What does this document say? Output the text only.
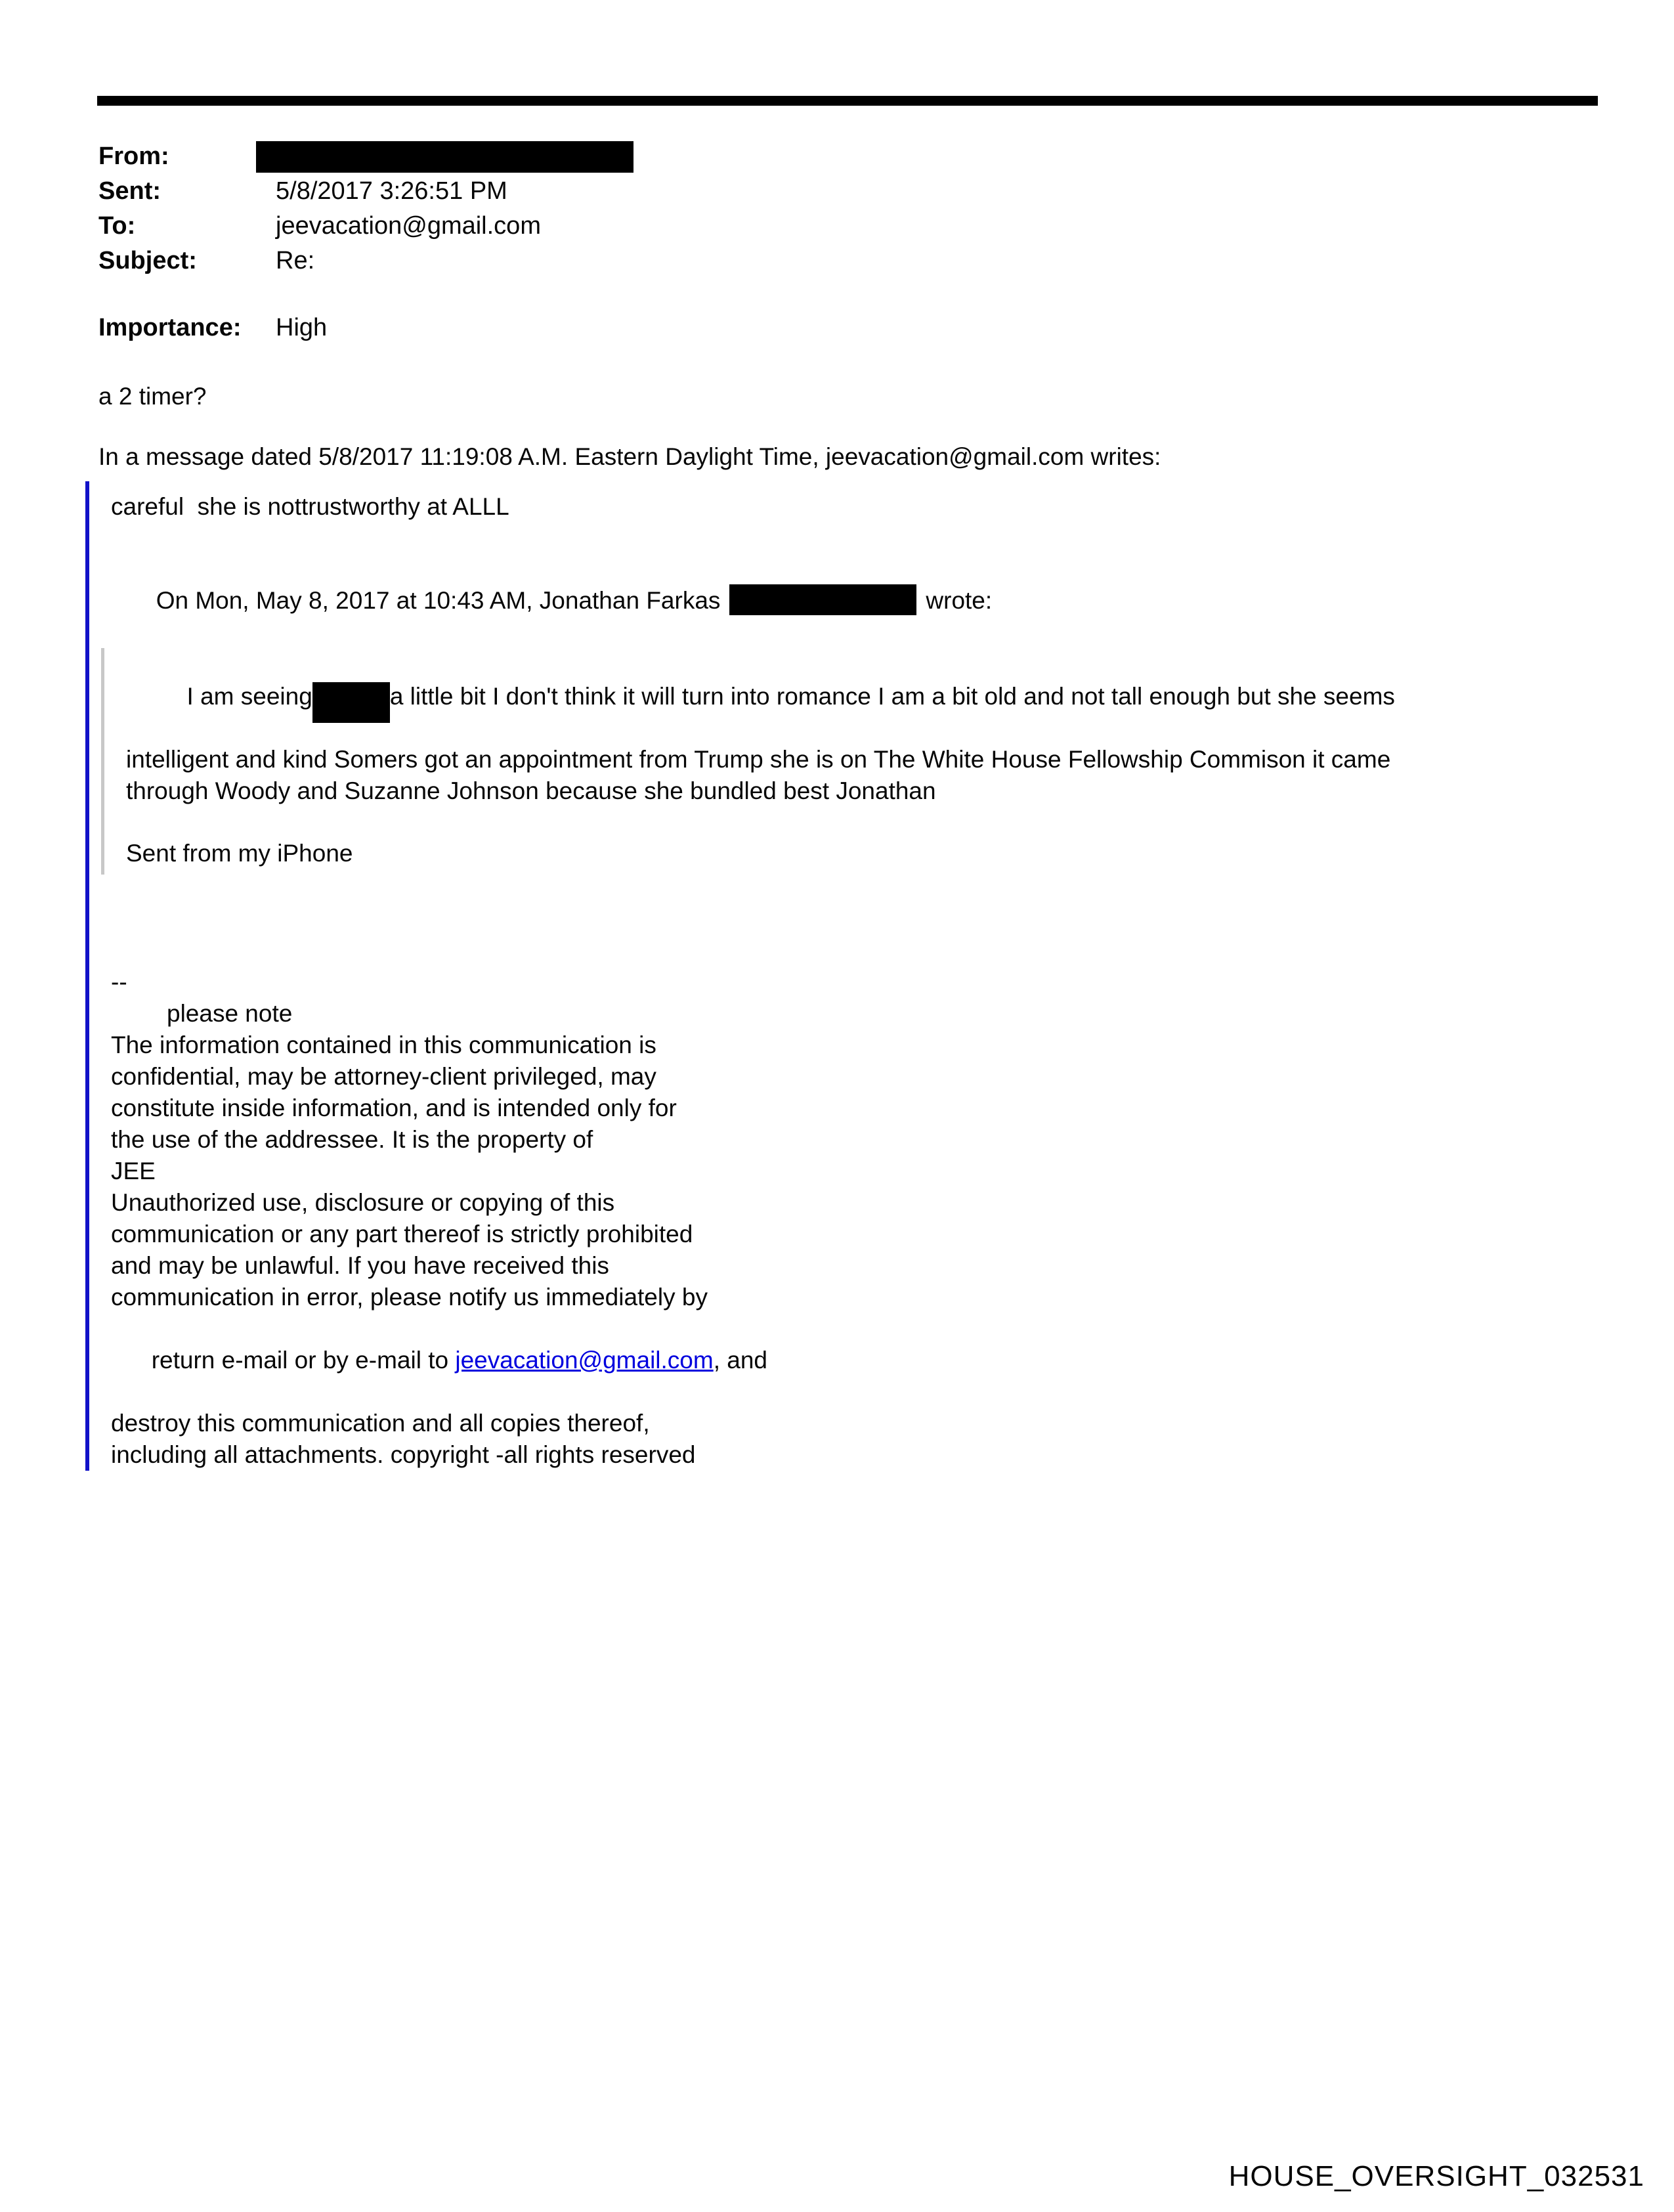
From:
Sent:	5/8/2017 3:26:51 PM
To:	jeevacation@gmail.com
Subject:	Re:
Importance:	High
a 2 timer?
In a message dated 5/8/2017 11:19:08 A.M. Eastern Daylight Time, jeevacation@gmail.com writes:
careful  she is nottrustworthy at ALLL

On Mon, May 8, 2017 at 10:43 AM, Jonathan Farkas	wrote:

I am seeing	a little bit I don't think it will turn into romance I am a bit old and not tall enough but she seems

intelligent and kind Somers got an appointment from Trump she is on The White House Fellowship Commison it came
through Woody and Suzanne Johnson because she bundled best Jonathan
Sent from my iPhone
--
please note
The information contained in this communication is
confidential, may be attorney-client privileged, may
constitute inside information, and is intended only for
the use of the addressee. It is the property of
JEE
Unauthorized use, disclosure or copying of this
communication or any part thereof is strictly prohibited
and may be unlawful. If you have received this
communication in error, please notify us immediately by

return e-mail or by e-mail to jeevacation@gmail.com, and

destroy this communication and all copies thereof,
including all attachments. copyright -all rights reserved
HOUSE_OVERSIGHT_032531
